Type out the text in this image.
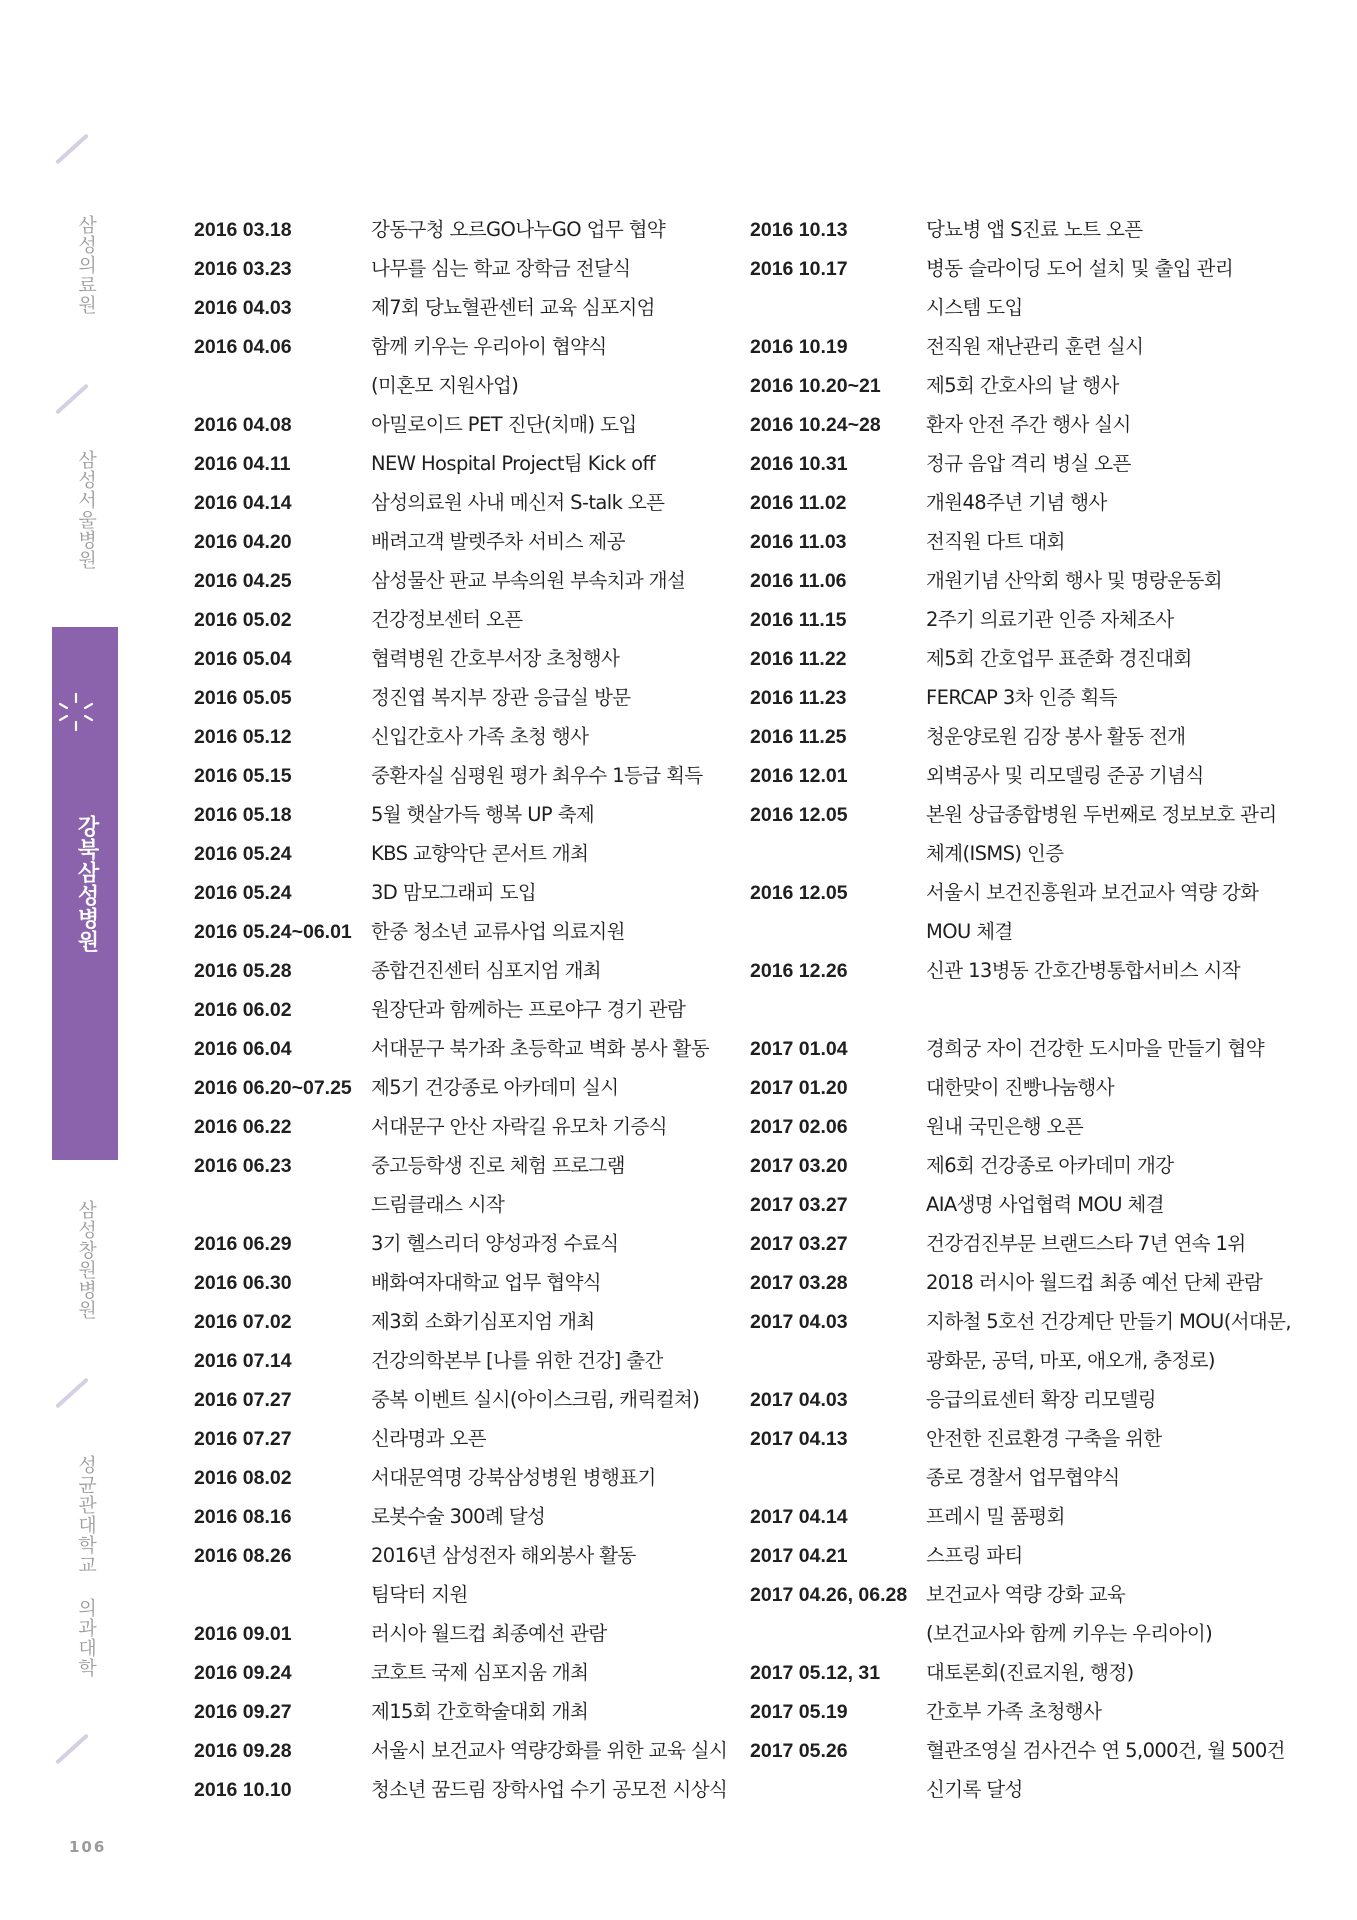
삼성의료원
삼성서울병원
강북삼성병원
삼성창원병원
성균관대학교 의과대학
106
2016 03.18	강동구청 오르GO나누GO 업무 협약
2016 03.23	나무를 심는 학교 장학금 전달식
2016 04.03	제7회 당뇨혈관센터 교육 심포지엄
2016 04.06	함께 키우는 우리아이 협약식
(미혼모 지원사업)
2016 04.08	아밀로이드 PET 진단(치매) 도입
2016 04.11	NEW Hospital Project팀 Kick off
2016 04.14	삼성의료원 사내 메신저 S-talk 오픈
2016 04.20	배려고객 발렛주차 서비스 제공
2016 04.25	삼성물산 판교 부속의원 부속치과 개설
2016 05.02	건강정보센터 오픈
2016 05.04	협력병원 간호부서장 초청행사
2016 05.05	정진엽 복지부 장관 응급실 방문
2016 05.12	신입간호사 가족 초청 행사
2016 05.15	중환자실 심평원 평가 최우수 1등급 획득
2016 05.18	5월 햇살가득 행복 UP 축제
2016 05.24	KBS 교향악단 콘서트 개최
2016 05.24	3D 맘모그래피 도입
2016 05.24~06.01 한중 청소년 교류사업 의료지원
2016 05.28	종합건진센터 심포지엄 개최
2016 06.02	원장단과 함께하는 프로야구 경기 관람
2016 06.04	서대문구 북가좌 초등학교 벽화 봉사 활동
2016 06.20~07.25 제5기 건강종로 아카데미 실시
2016 06.22	서대문구 안산 자락길 유모차 기증식
2016 06.23	중고등학생 진로 체험 프로그램
드림클래스 시작
2016 06.29	3기 헬스리더 양성과정 수료식
2016 06.30	배화여자대학교 업무 협약식
2016 07.02	제3회 소화기심포지엄 개최
2016 07.14	건강의학본부 [나를 위한 건강] 출간
2016 07.27	중복 이벤트 실시(아이스크림, 캐릭컬쳐)
2016 07.27	신라명과 오픈
2016 08.02	서대문역명 강북삼성병원 병행표기
2016 08.16	로봇수술 300례 달성
2016 08.26	2016년 삼성전자 해외봉사 활동
팀닥터 지원
2016 09.01	러시아 월드컵 최종예선 관람
2016 09.24	코호트 국제 심포지움 개최
2016 09.27	제15회 간호학술대회 개최
2016 09.28	서울시 보건교사 역량강화를 위한 교육 실시
2016 10.10	청소년 꿈드림 장학사업 수기 공모전 시상식
2016 10.13	당뇨병 앱 S진료 노트 오픈
2016 10.17	병동 슬라이딩 도어 설치 및 출입 관리
시스템 도입
2016 10.19	전직원 재난관리 훈련 실시
2016 10.20~21 제5회 간호사의 날 행사
2016 10.24~28 환자 안전 주간 행사 실시
2016 10.31	정규 음압 격리 병실 오픈
2016 11.02	개원48주년 기념 행사
2016 11.03	전직원 다트 대회
2016 11.06	개원기념 산악회 행사 및 명랑운동회
2016 11.15	2주기 의료기관 인증 자체조사
2016 11.22	제5회 간호업무 표준화 경진대회
2016 11.23	FERCAP 3차 인증 획득
2016 11.25	청운양로원 김장 봉사 활동 전개
2016 12.01	외벽공사 및 리모델링 준공 기념식
2016 12.05	본원 상급종합병원 두번째로 정보보호 관리
체계(ISMS) 인증
2016 12.05	서울시 보건진흥원과 보건교사 역량 강화
MOU 체결
2016 12.26	신관 13병동 간호간병통합서비스 시작
2017 01.04	경희궁 자이 건강한 도시마을 만들기 협약
2017 01.20	대한맞이 진빵나눔행사
2017 02.06	원내 국민은행 오픈
2017 03.20	제6회 건강종로 아카데미 개강
2017 03.27	AIA생명 사업협력 MOU 체결
2017 03.27	건강검진부문 브랜드스타 7년 연속 1위
2017 03.28	2018 러시아 월드컵 최종 예선 단체 관람
2017 04.03	지하철 5호선 건강계단 만들기 MOU(서대문,
광화문, 공덕, 마포, 애오개, 충정로)
2017 04.03	응급의료센터 확장 리모델링
2017 04.13	안전한 진료환경 구축을 위한
종로 경찰서 업무협약식
2017 04.14	프레시 밀 품평회
2017 04.21	스프링 파티
2017 04.26, 06.28 보건교사 역량 강화 교육
(보건교사와 함께 키우는 우리아이)
2017 05.12, 31 대토론회(진료지원, 행정)
2017 05.19	간호부 가족 초청행사
2017 05.26	혈관조영실 검사건수 연 5,000건, 월 500건
신기록 달성
